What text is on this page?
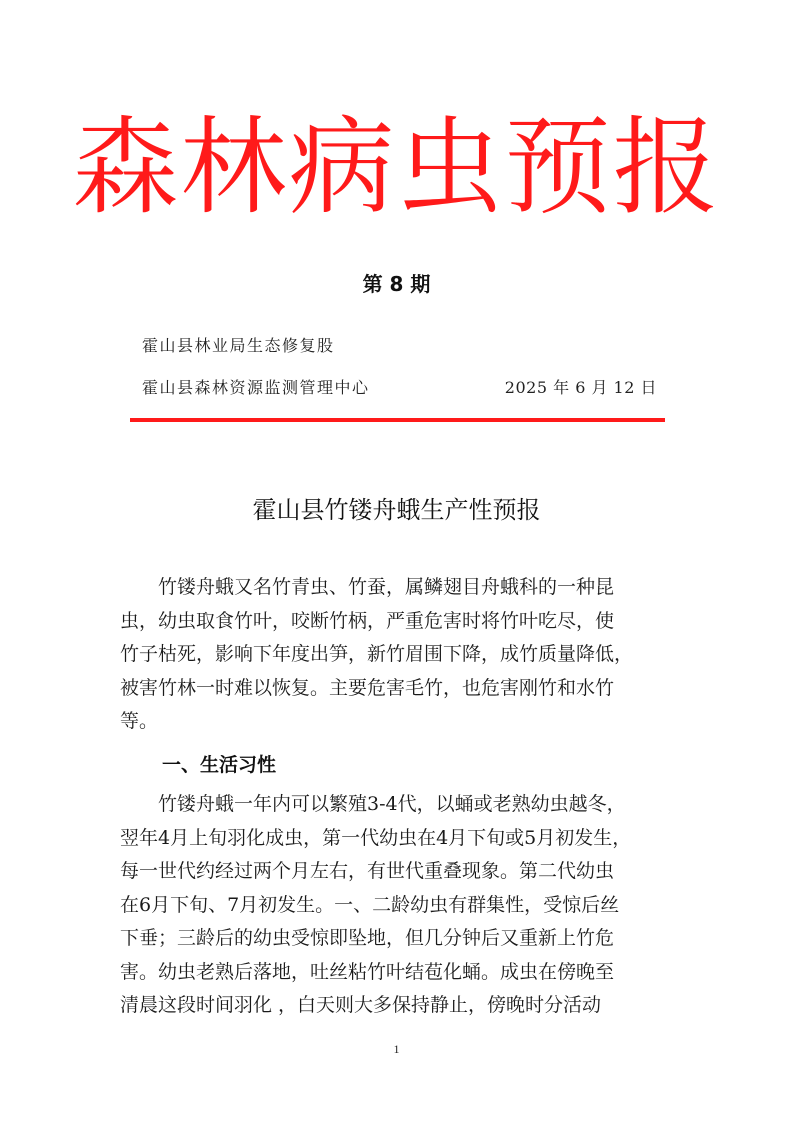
森林病虫预报
第 8 期
霍山县林业局生态修复股
霍山县森林资源监测管理中心	2025 年 6 月 12 日
霍山县竹镂舟蛾生产性预报
　　竹镂舟蛾又名竹青虫、竹蚕，属鳞翅目舟蛾科的一种昆
虫，幼虫取食竹叶，咬断竹柄，严重危害时将竹叶吃尽，使
竹子枯死，影响下年度出笋，新竹眉围下降，成竹质量降低，
被害竹林一时难以恢复。主要危害毛竹，也危害刚竹和水竹
等。
一、生活习性
　　竹镂舟蛾一年内可以繁殖3-4代，以蛹或老熟幼虫越冬，
翌年4月上旬羽化成虫，第一代幼虫在4月下旬或5月初发生，
每一世代约经过两个月左右，有世代重叠现象。第二代幼虫
在6月下旬、7月初发生。一、二龄幼虫有群集性，受惊后丝
下垂；三龄后的幼虫受惊即坠地，但几分钟后又重新上竹危
害。幼虫老熟后落地，吐丝粘竹叶结苞化蛹。成虫在傍晚至
清晨这段时间羽化 ，白天则大多保持静止，傍晚时分活动
1
